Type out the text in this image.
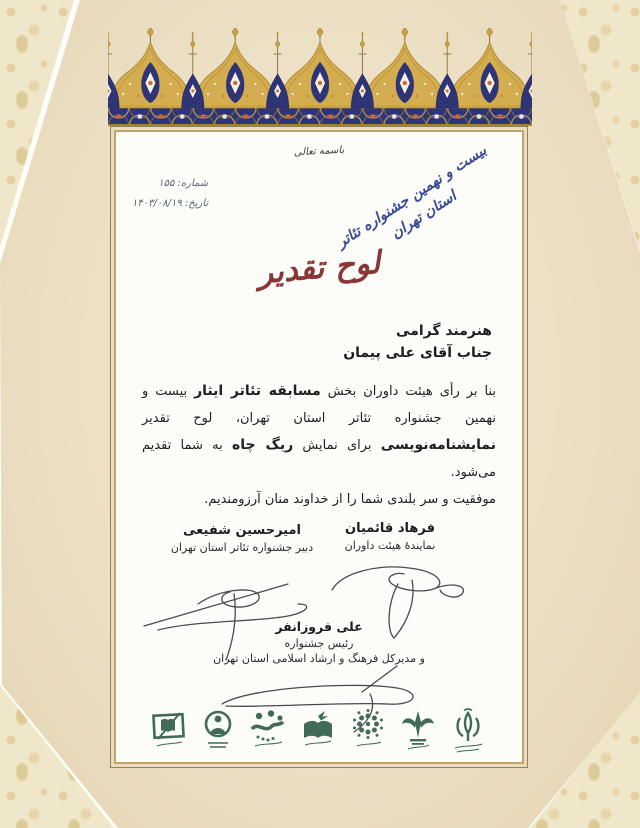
باسمه تعالی
شماره: ۱۵۵
تاریخ: ۱۴۰۳/۰۸/۱۹	بیست و نهمین جشنواره تئاتر استان تهران
لوح تقدیر
هنرمند گرامی
جناب آقای علی پیمان

بنا بر رأی هیئت داوران بخش مسابقه تئاتر ایثار بیست و نهمین جشنواره تئاتر استان تهران، لوح تقدیر نمایشنامه‌نویسی برای نمایش ریگ چاه به شما تقدیم می‌شود.

موفقیت و سر بلندی شما را از خداوند منان آرزومندیم.

فرهاد قائمیان
نمایندهٔ هیئت داوران
امیرحسین شفیعی
دبیر جشنواره تئاتر استان تهران
علی فروزانفر
رئیس جشنواره
و مدیرکل فرهنگ و ارشاد اسلامی استان تهران
